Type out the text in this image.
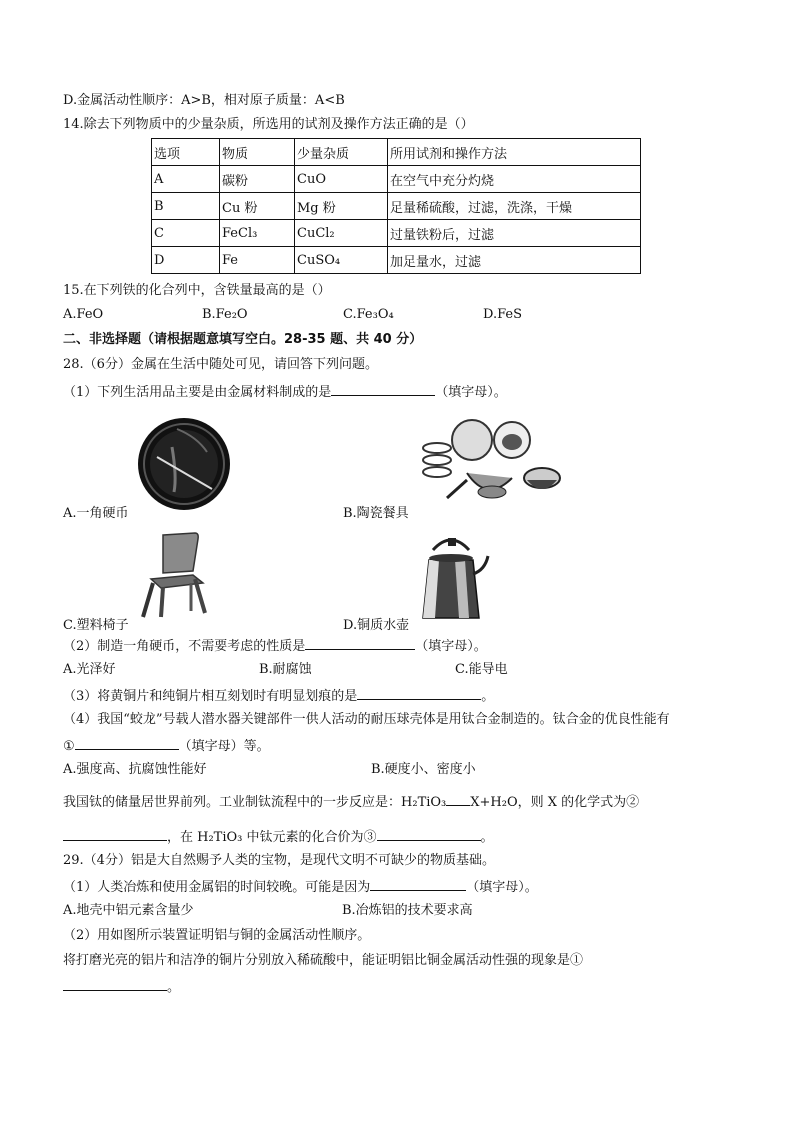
D.金属活动性顺序：A>B，相对原子质量：A<B
14.除去下列物质中的少量杂质，所选用的试剂及操作方法正确的是（）
选项	物质	少量杂质	所用试剂和操作方法
A	碳粉	CuO	在空气中充分灼烧
B	Cu 粉	Mg 粉	足量稀硫酸，过滤，洗涤，干燥
C	FeCl₃	CuCl₂	过量铁粉后，过滤
D	Fe	CuSO₄	加足量水，过滤
15.在下列铁的化合列中，含铁量最高的是（）
A.FeO	B.Fe₂O	C.Fe₃O₄	D.FeS
二、非选择题（请根据题意填写空白。28-35 题、共 40 分）
28.（6分）金属在生活中随处可见，请回答下列问题。
（1）下列生活用品主要是由金属材料制成的是	（填字母）。
A.一角硬币	B.陶瓷餐具
C.塑料椅子	D.铜质水壶
（2）制造一角硬币，不需要考虑的性质是	（填字母）。
A.光泽好	B.耐腐蚀	C.能导电
（3）将黄铜片和纯铜片相互刻划时有明显划痕的是	。
（4）我国“蛟龙”号载人潜水器关键部件一供人活动的耐压球壳体是用钛合金制造的。钛合金的优良性能有
①	（填字母）等。
A.强度高、抗腐蚀性能好	B.硬度小、密度小
我国钛的储量居世界前列。工业制钛流程中的一步反应是：H₂TiO₃ X+H₂O，则 X 的化学式为②
，在 H₂TiO₃ 中钛元素的化合价为③	。
29.（4分）铝是大自然赐予人类的宝物，是现代文明不可缺少的物质基础。
（1）人类冶炼和使用金属铝的时间较晚。可能是因为	（填字母）。
A.地壳中铝元素含量少	B.冶炼铝的技术要求高
（2）用如图所示装置证明铝与铜的金属活动性顺序。
将打磨光亮的铝片和洁净的铜片分别放入稀硫酸中，能证明铝比铜金属活动性强的现象是①
。
